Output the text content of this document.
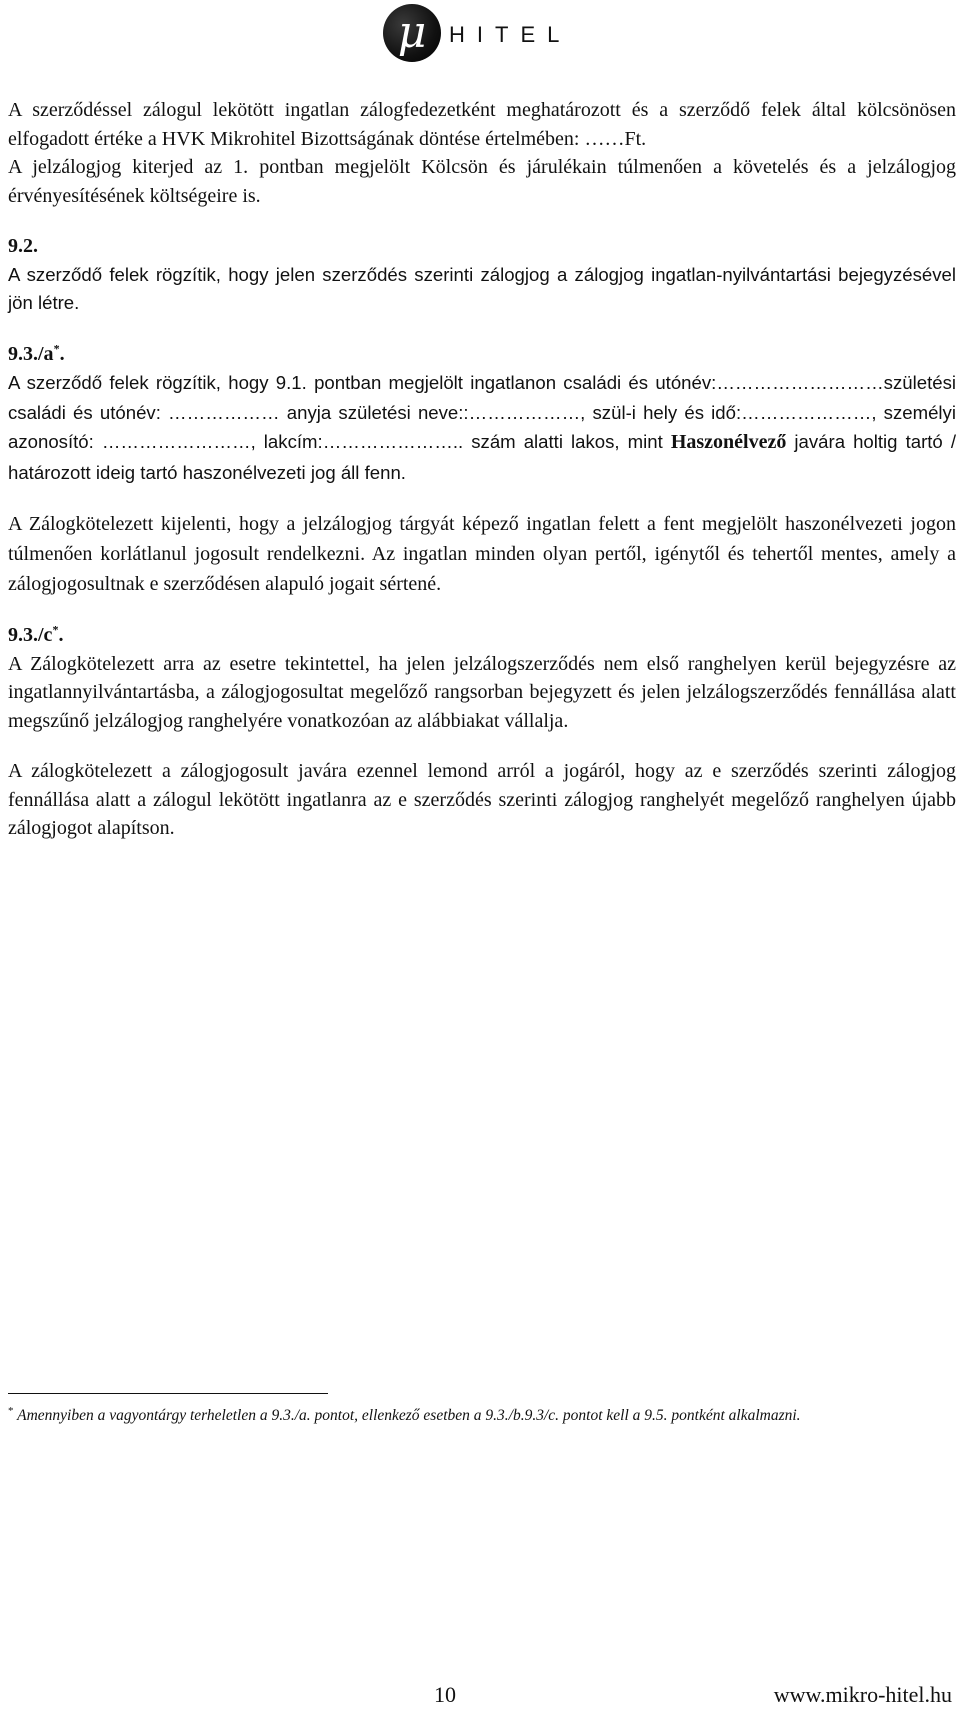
μ	HITEL

A szerződéssel zálogul lekötött ingatlan zálogfedezetként meghatározott és a szerződő felek által kölcsönösen elfogadott értéke a HVK Mikrohitel Bizottságának döntése értelmében: ……Ft.

A jelzálogjog kiterjed az 1. pontban megjelölt Kölcsön és járulékain túlmenően a követelés és a jelzálogjog érvényesítésének költségeire is.

9.2.

A szerződő felek rögzítik, hogy jelen szerződés szerinti zálogjog a zálogjog ingatlan-nyilvántartási bejegyzésével jön létre.

9.3./a*.

A szerződő felek rögzítik, hogy 9.1. pontban megjelölt ingatlanon családi és utónév:………………………születési családi és utónév: ……………… anyja születési neve::………………, szül-i hely és idő:…………………, személyi azonosító: ……………………, lakcím:………………….. szám alatti lakos, mint Haszonélvező javára holtig tartó / határozott ideig tartó haszonélvezeti jog áll fenn.

A Zálogkötelezett kijelenti, hogy a jelzálogjog tárgyát képező ingatlan felett a fent megjelölt haszonélvezeti jogon túlmenően korlátlanul jogosult rendelkezni. Az ingatlan minden olyan pertől, igénytől és tehertől mentes, amely a zálogjogosultnak e szerződésen alapuló jogait sértené.

9.3./c*.

A Zálogkötelezett arra az esetre tekintettel, ha jelen jelzálogszerződés nem első ranghelyen kerül bejegyzésre az ingatlannyilvántartásba, a zálogjogosultat megelőző rangsorban bejegyzett és jelen jelzálogszerződés fennállása alatt megszűnő jelzálogjog ranghelyére vonatkozóan az alábbiakat vállalja.

A zálogkötelezett a zálogjogosult javára ezennel lemond arról a jogáról, hogy az e szerződés szerinti zálogjog fennállása alatt a zálogul lekötött ingatlanra az e szerződés szerinti zálogjog ranghelyét megelőző ranghelyen újabb zálogjogot alapítson.

* Amennyiben a vagyontárgy terheletlen a 9.3./a. pontot, ellenkező esetben a 9.3./b.9.3/c. pontot kell a 9.5. pontként alkalmazni.
10	www.mikro-hitel.hu
